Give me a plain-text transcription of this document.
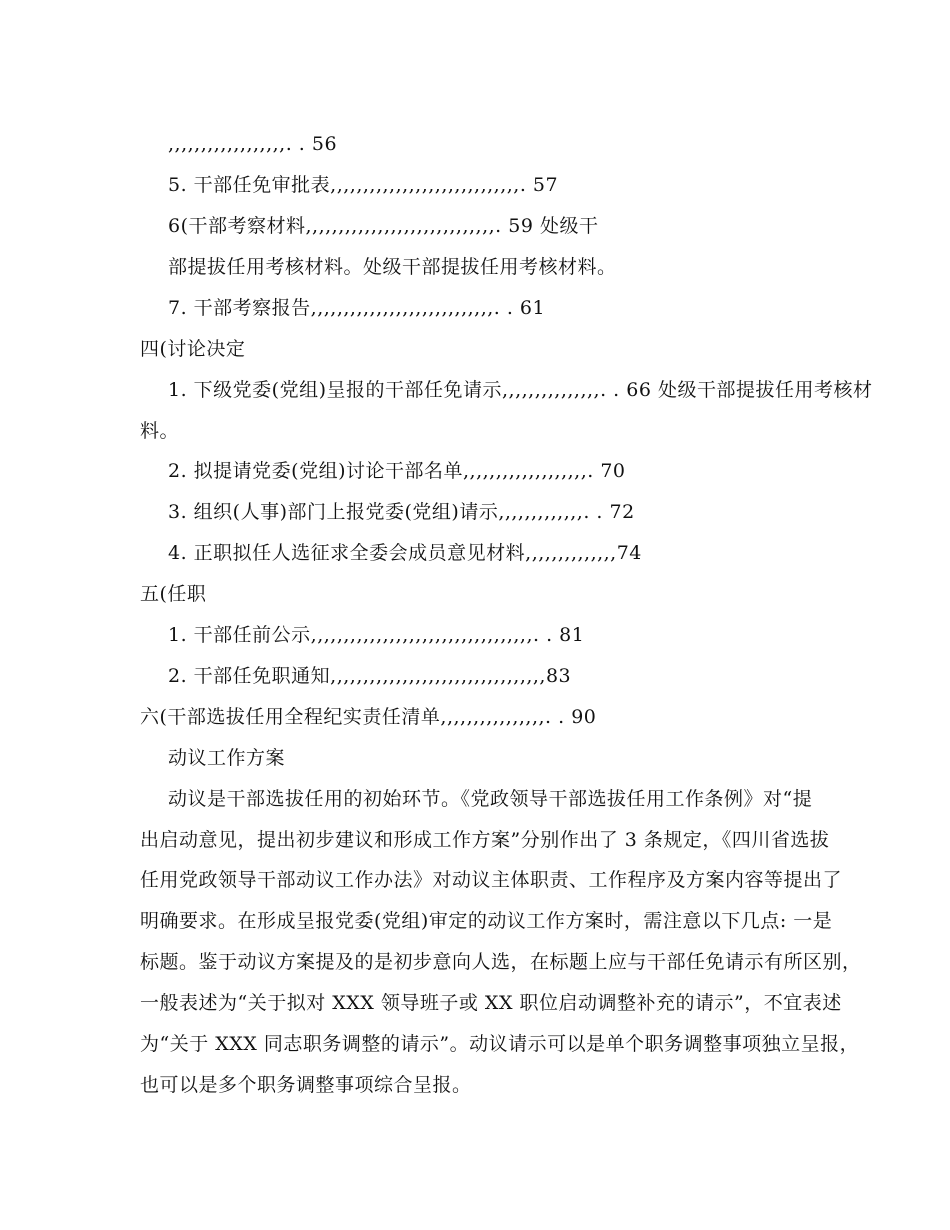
,,,,,,,,,,,,,,,,,,. . 56
5. 干部任免审批表,,,,,,,,,,,,,,,,,,,,,,,,,,,,,. 57
6(干部考察材料,,,,,,,,,,,,,,,,,,,,,,,,,,,,,. 59 处级干
部提拔任用考核材料。处级干部提拔任用考核材料。
7. 干部考察报告,,,,,,,,,,,,,,,,,,,,,,,,,,,,. . 61
四(讨论决定
1. 下级党委(党组)呈报的干部任免请示,,,,,,,,,,,,,,,. . 66 处级干部提拔任用考核材
料。
2. 拟提请党委(党组)讨论干部名单,,,,,,,,,,,,,,,,,,,. 70
3. 组织(人事)部门上报党委(党组)请示,,,,,,,,,,,,,. . 72
4. 正职拟任人选征求全委会成员意见材料,,,,,,,,,,,,,,74
五(任职
1. 干部任前公示,,,,,,,,,,,,,,,,,,,,,,,,,,,,,,,,,,. . 81
2. 干部任免职通知,,,,,,,,,,,,,,,,,,,,,,,,,,,,,,,,,83
六(干部选拔任用全程纪实责任清单,,,,,,,,,,,,,,,,. . 90
动议工作方案
动议是干部选拔任用的初始环节。《党政领导干部选拔任用工作条例》对“提
出启动意见，提出初步建议和形成工作方案”分别作出了 3 条规定，《四川省选拔
任用党政领导干部动议工作办法》对动议主体职责、工作程序及方案内容等提出了
明确要求。在形成呈报党委(党组)审定的动议工作方案时，需注意以下几点: 一是
标题。鉴于动议方案提及的是初步意向人选，在标题上应与干部任免请示有所区别，
一般表述为“关于拟对 XXX 领导班子或 XX 职位启动调整补充的请示”，不宜表述
为“关于 XXX 同志职务调整的请示”。动议请示可以是单个职务调整事项独立呈报，
也可以是多个职务调整事项综合呈报。
